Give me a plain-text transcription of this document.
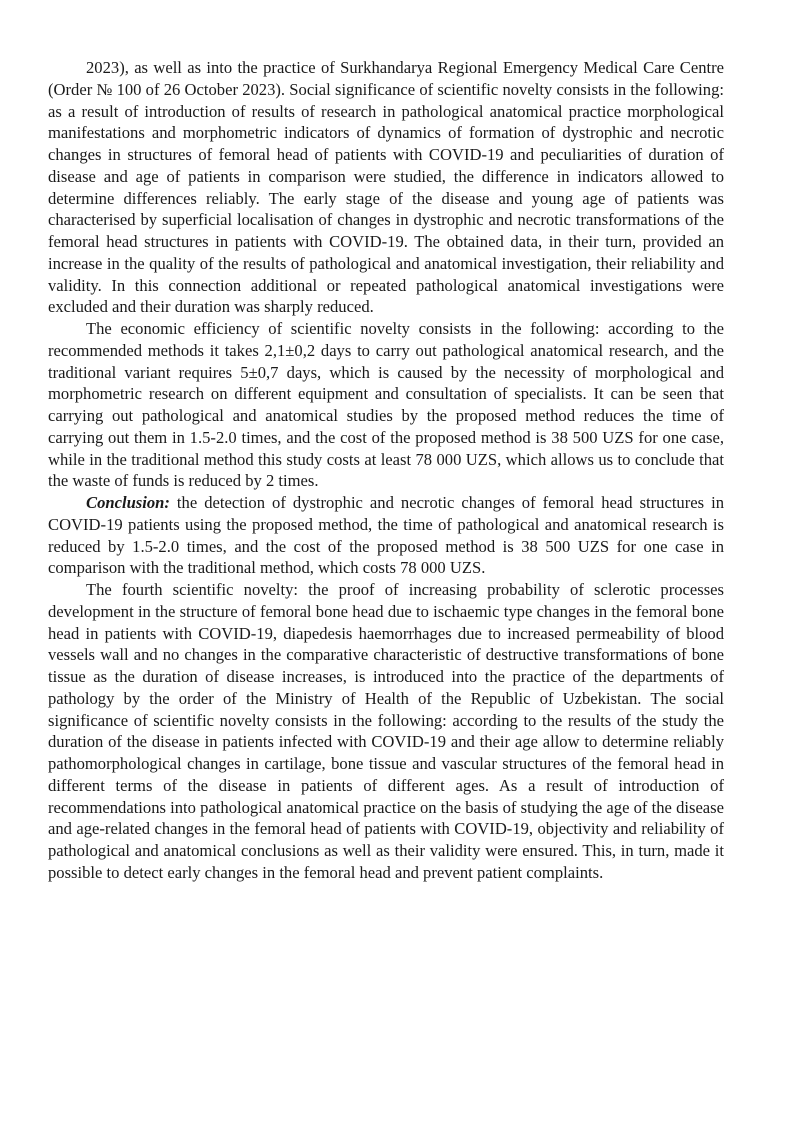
2023), as well as into the practice of Surkhandarya Regional Emergency Medical Care Centre (Order № 100 of 26 October 2023). Social significance of scientific novelty consists in the following: as a result of introduction of results of research in pathological anatomical practice morphological manifestations and morphometric indicators of dynamics of formation of dystrophic and necrotic changes in structures of femoral head of patients with COVID-19 and peculiarities of duration of disease and age of patients in comparison were studied, the difference in indicators allowed to determine differences reliably. The early stage of the disease and young age of patients was characterised by superficial localisation of changes in dystrophic and necrotic transformations of the femoral head structures in patients with COVID-19. The obtained data, in their turn, provided an increase in the quality of the results of pathological and anatomical investigation, their reliability and validity. In this connection additional or repeated pathological anatomical investigations were excluded and their duration was sharply reduced.

The economic efficiency of scientific novelty consists in the following: according to the recommended methods it takes 2,1±0,2 days to carry out pathological anatomical research, and the traditional variant requires 5±0,7 days, which is caused by the necessity of morphological and morphometric research on different equipment and consultation of specialists. It can be seen that carrying out pathological and anatomical studies by the proposed method reduces the time of carrying out them in 1.5-2.0 times, and the cost of the proposed method is 38 500 UZS for one case, while in the traditional method this study costs at least 78 000 UZS, which allows us to conclude that the waste of funds is reduced by 2 times.

Conclusion: the detection of dystrophic and necrotic changes of femoral head structures in COVID-19 patients using the proposed method, the time of pathological and anatomical research is reduced by 1.5-2.0 times, and the cost of the proposed method is 38 500 UZS for one case in comparison with the traditional method, which costs 78 000 UZS.

The fourth scientific novelty: the proof of increasing probability of sclerotic processes development in the structure of femoral bone head due to ischaemic type changes in the femoral bone head in patients with COVID-19, diapedesis haemorrhages due to increased permeability of blood vessels wall and no changes in the comparative characteristic of destructive transformations of bone tissue as the duration of disease increases, is introduced into the practice of the departments of pathology by the order of the Ministry of Health of the Republic of Uzbekistan. The social significance of scientific novelty consists in the following: according to the results of the study the duration of the disease in patients infected with COVID-19 and their age allow to determine reliably pathomorphological changes in cartilage, bone tissue and vascular structures of the femoral head in different terms of the disease in patients of different ages. As a result of introduction of recommendations into pathological anatomical practice on the basis of studying the age of the disease and age-related changes in the femoral head of patients with COVID-19, objectivity and reliability of pathological and anatomical conclusions as well as their validity were ensured. This, in turn, made it possible to detect early changes in the femoral head and prevent patient complaints.
